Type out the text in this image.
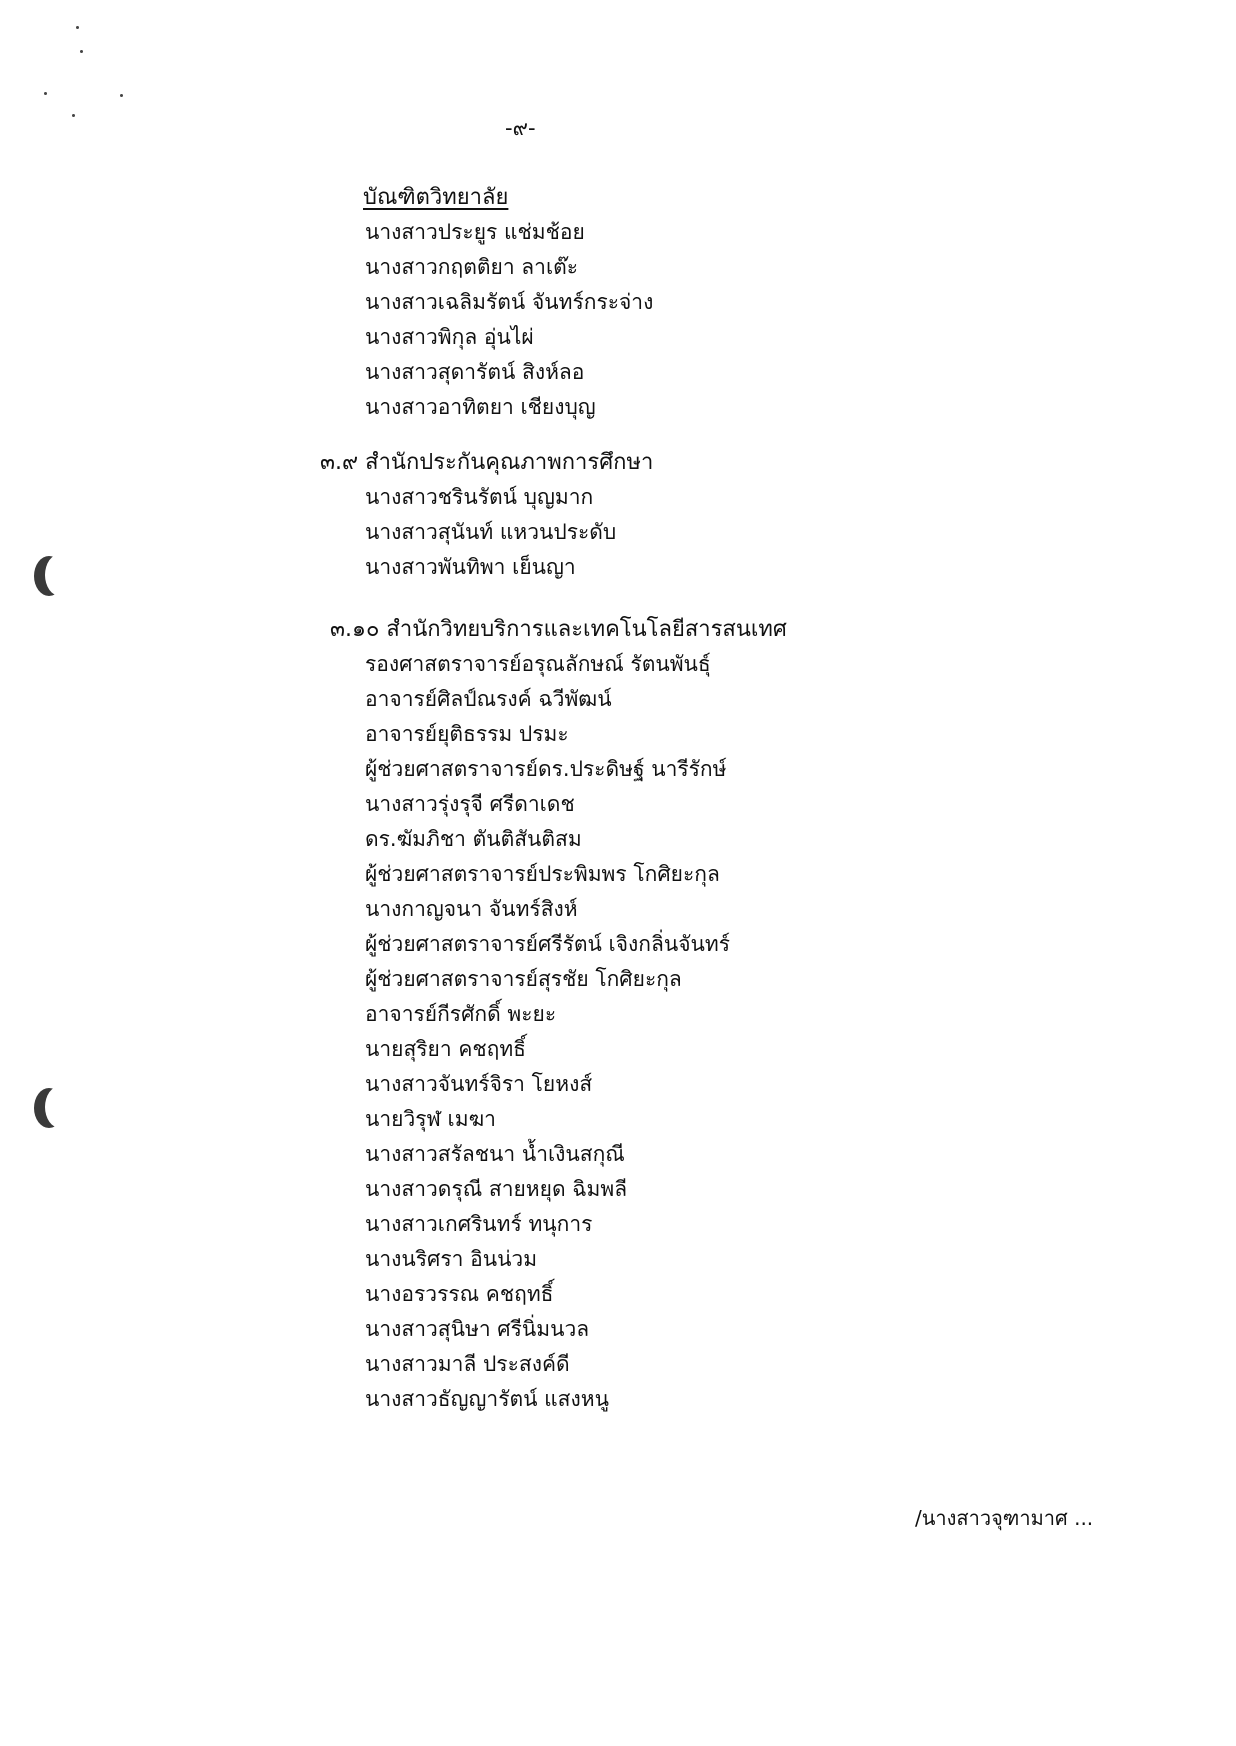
-๙-
บัณฑิตวิทยาลัย
นางสาวประยูร แช่มช้อย
นางสาวกฤตติยา ลาเต๊ะ
นางสาวเฉลิมรัตน์ จันทร์กระจ่าง
นางสาวพิกุล อุ่นไผ่
นางสาวสุดารัตน์ สิงห์ลอ
นางสาวอาทิตยา เชียงบุญ
๓.๙ สำนักประกันคุณภาพการศึกษา
นางสาวชรินรัตน์ บุญมาก
นางสาวสุนันท์ แหวนประดับ
นางสาวพันทิพา เย็นญา
๓.๑๐ สำนักวิทยบริการและเทคโนโลยีสารสนเทศ
รองศาสตราจารย์อรุณลักษณ์ รัตนพันธุ์
อาจารย์ศิลป์ณรงค์ ฉวีพัฒน์
อาจารย์ยุติธรรม ปรมะ
ผู้ช่วยศาสตราจารย์ดร.ประดิษฐ์ นารีรักษ์
นางสาวรุ่งรุจี ศรีดาเดช
ดร.ฆัมภิชา ตันติสันติสม
ผู้ช่วยศาสตราจารย์ประพิมพร โกศิยะกุล
นางกาญจนา จันทร์สิงห์
ผู้ช่วยศาสตราจารย์ศรีรัตน์ เจิงกลิ่นจันทร์
ผู้ช่วยศาสตราจารย์สุรชัย โกศิยะกุล
อาจารย์กีรศักดิ์ พะยะ
นายสุริยา คชฤทธิ์
นางสาวจันทร์จิรา โยหงส์
นายวิรุฬ เมฆา
นางสาวสรัลชนา น้ำเงินสกุณี
นางสาวดรุณี สายหยุด ฉิมพลี
นางสาวเกศรินทร์ ทนุการ
นางนริศรา อินน่วม
นางอรวรรณ คชฤทธิ์
นางสาวสุนิษา ศรีนิ่มนวล
นางสาวมาลี ประสงค์ดี
นางสาวธัญญารัตน์ แสงหนู
/นางสาวจุฑามาศ ...
